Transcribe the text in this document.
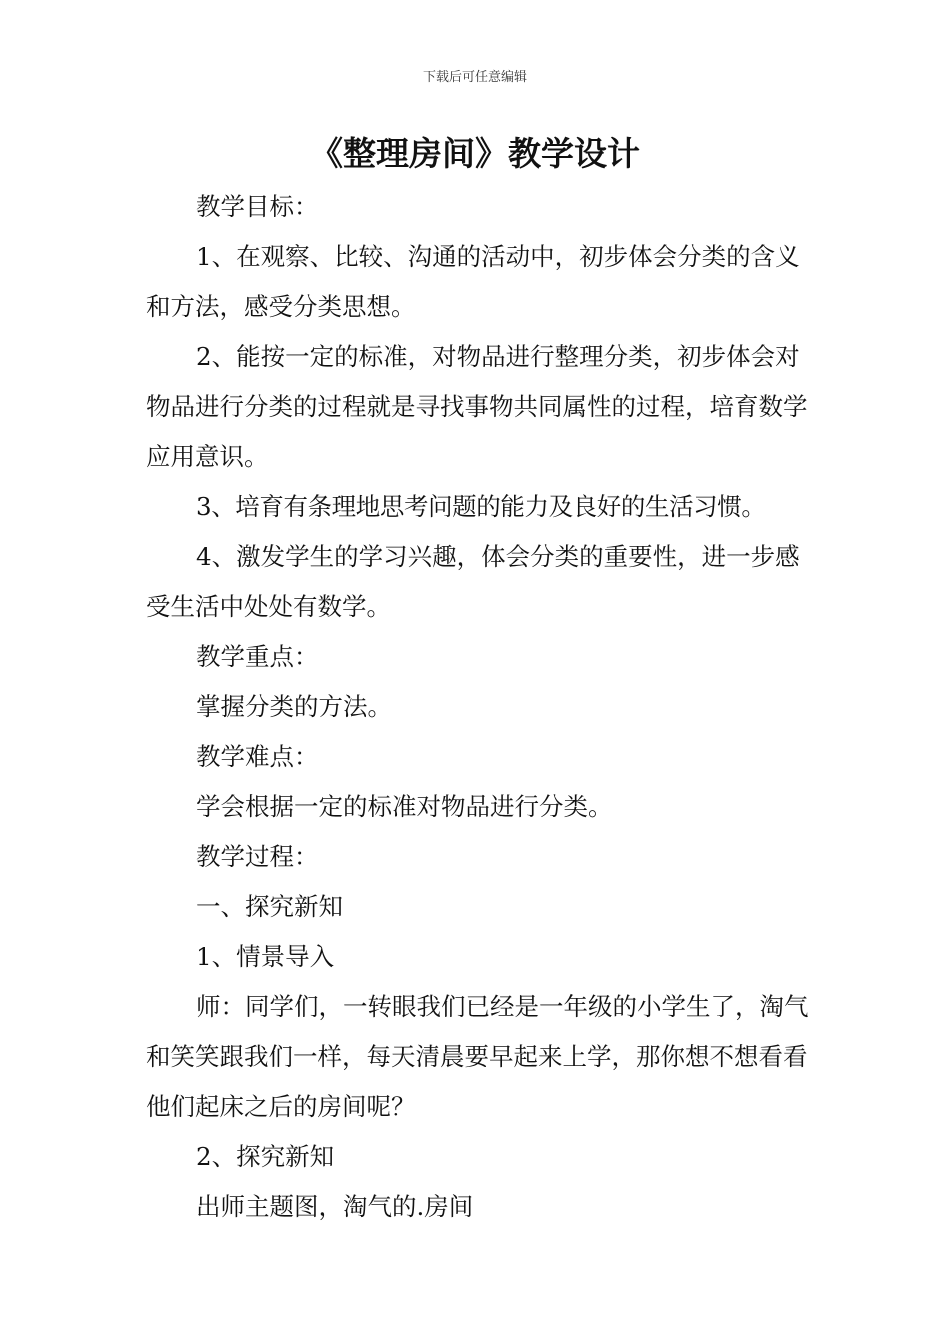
下载后可任意编辑
《整理房间》教学设计

教学目标：

1、在观察、比较、沟通的活动中，初步体会分类的含义和方法，感受分类思想。

2、能按一定的标准，对物品进行整理分类，初步体会对物品进行分类的过程就是寻找事物共同属性的过程，培育数学应用意识。

3、培育有条理地思考问题的能力及良好的生活习惯。

4、激发学生的学习兴趣，体会分类的重要性，进一步感受生活中处处有数学。

教学重点：

掌握分类的方法。

教学难点：

学会根据一定的标准对物品进行分类。

教学过程：

一、探究新知

1、情景导入

师：同学们，一转眼我们已经是一年级的小学生了，淘气和笑笑跟我们一样，每天清晨要早起来上学，那你想不想看看他们起床之后的房间呢？

2、探究新知

出师主题图，淘气的.房间
